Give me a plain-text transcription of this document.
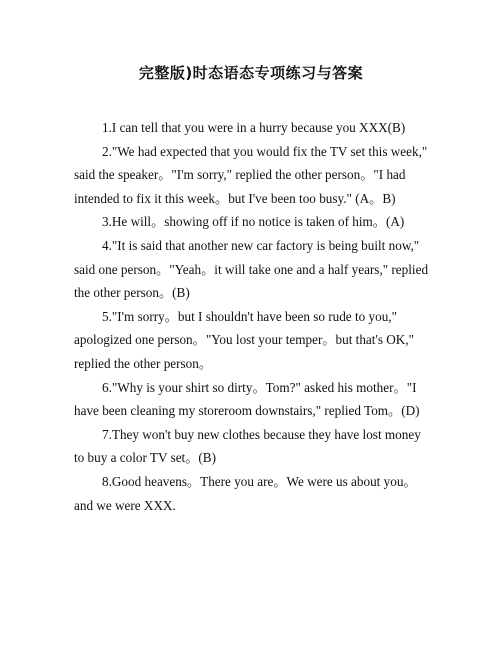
完整版)时态语态专项练习与答案

1.I can tell that you were in a hurry because you XXX(B)

2."We had expected that you would fix the TV set this week," said the speaker。"I'm sorry," replied the other person。"I had intended to fix it this week。but I've been too busy." (A。B)

3.He will。showing off if no notice is taken of him。(A)

4."It is said that another new car factory is being built now," said one person。"Yeah。it will take one and a half years," replied the other person。(B)

5."I'm sorry。but I shouldn't have been so rude to you," apologized one person。"You lost your temper。but that's OK," replied the other person。

6."Why is your shirt so dirty。Tom?" asked his mother。"I have been cleaning my storeroom downstairs," replied Tom。(D)

7.They won't buy new clothes because they have lost money to buy a color TV set。(B)

8.Good heavens。There you are。We were us about you。and we were XXX.
